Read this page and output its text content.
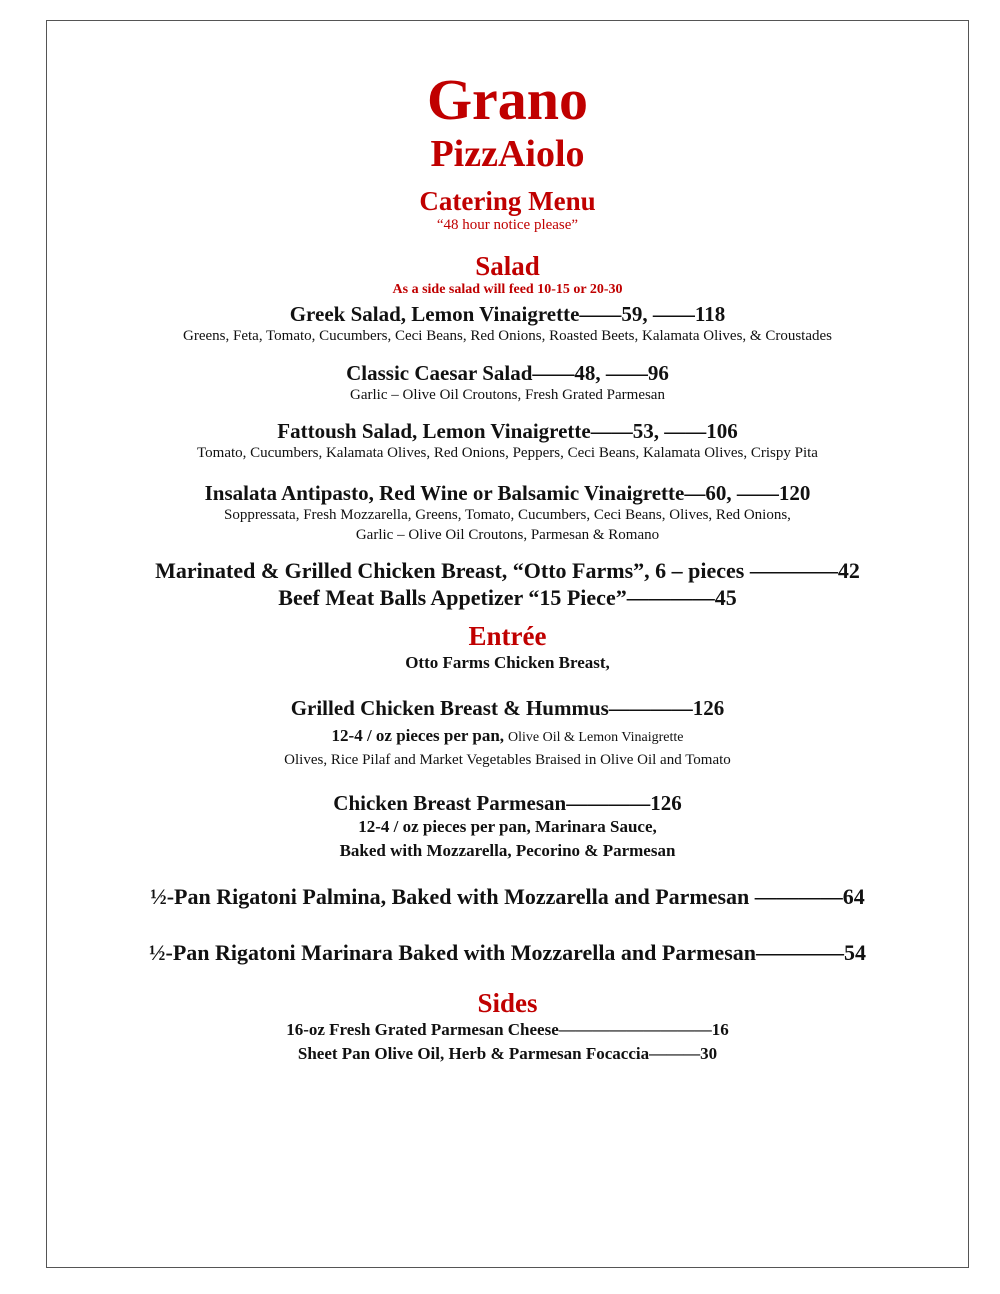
Grano
PizzAiolo
Catering Menu
“48 hour notice please”
Salad
As a side salad will feed 10-15 or 20-30
Greek Salad, Lemon Vinaigrette——59, ——118
Greens, Feta, Tomato, Cucumbers, Ceci Beans, Red Onions, Roasted Beets, Kalamata Olives, & Croustades
Classic Caesar Salad——48, ——96
Garlic – Olive Oil Croutons, Fresh Grated Parmesan
Fattoush Salad, Lemon Vinaigrette——53, ——106
Tomato, Cucumbers, Kalamata Olives, Red Onions, Peppers, Ceci Beans, Kalamata Olives, Crispy Pita
Insalata Antipasto, Red Wine or Balsamic Vinaigrette—60, ——120
Soppressata, Fresh Mozzarella, Greens, Tomato, Cucumbers, Ceci Beans, Olives, Red Onions,
Garlic – Olive Oil Croutons, Parmesan & Romano
Marinated & Grilled Chicken Breast, “Otto Farms”, 6 – pieces ————42
Beef Meat Balls Appetizer “15 Piece”————45
Entrée
Otto Farms Chicken Breast,
Grilled Chicken Breast & Hummus————126
12-4 / oz pieces per pan, Olive Oil & Lemon Vinaigrette
Olives, Rice Pilaf and Market Vegetables Braised in Olive Oil and Tomato
Chicken Breast Parmesan————126
12-4 / oz pieces per pan, Marinara Sauce,
Baked with Mozzarella, Pecorino & Parmesan
½-Pan Rigatoni Palmina, Baked with Mozzarella and Parmesan ————64
½-Pan Rigatoni Marinara Baked with Mozzarella and Parmesan————54
Sides
16-oz Fresh Grated Parmesan Cheese—————————16
Sheet Pan Olive Oil, Herb & Parmesan Focaccia———30
